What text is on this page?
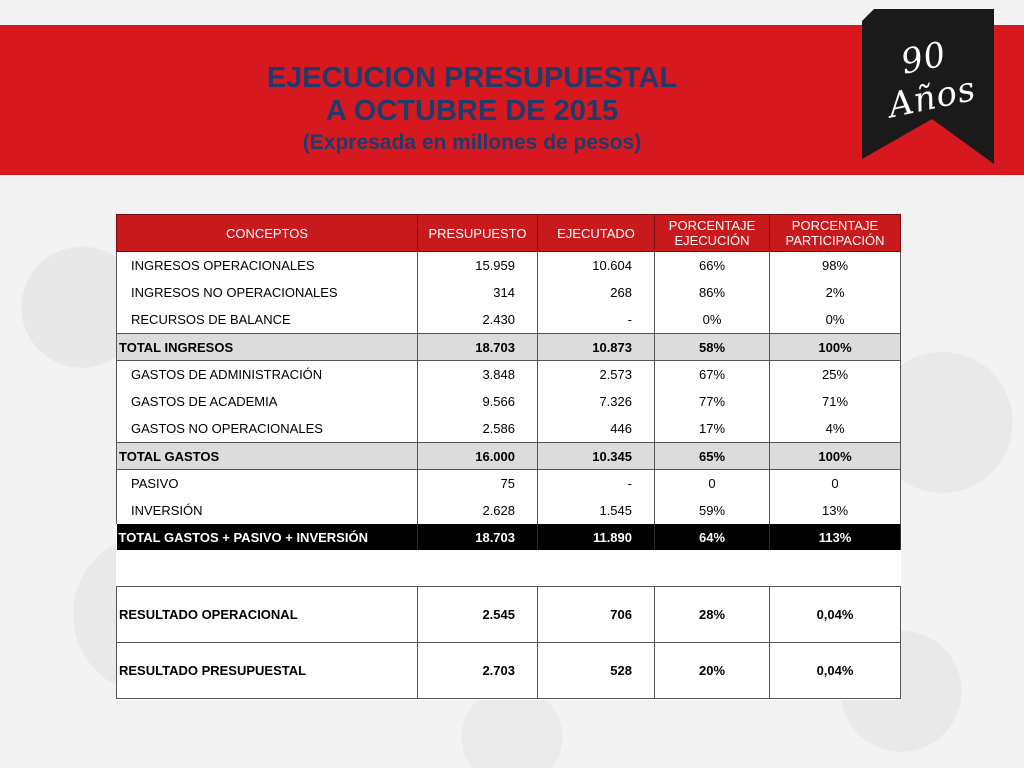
EJECUCION PRESUPUESTAL
A OCTUBRE DE 2015
(Expresada en millones de pesos)
90 Años
CONCEPTOS	PRESUPUESTO	EJECUTADO	PORCENTAJE EJECUCIÓN	PORCENTAJE PARTICIPACIÓN
INGRESOS OPERACIONALES	15.959	10.604	66%	98%
INGRESOS NO OPERACIONALES	314	268	86%	2%
RECURSOS DE BALANCE	2.430	-	0%	0%
TOTAL INGRESOS	18.703	10.873	58%	100%
GASTOS DE ADMINISTRACIÓN	3.848	2.573	67%	25%
GASTOS DE ACADEMIA	9.566	7.326	77%	71%
GASTOS NO OPERACIONALES	2.586	446	17%	4%
TOTAL GASTOS	16.000	10.345	65%	100%
PASIVO	75	-	0	0
INVERSIÓN	2.628	1.545	59%	13%
TOTAL GASTOS + PASIVO + INVERSIÓN	18.703	11.890	64%	113%

RESULTADO OPERACIONAL	2.545	706	28%	0,04%
RESULTADO PRESUPUESTAL	2.703	528	20%	0,04%
